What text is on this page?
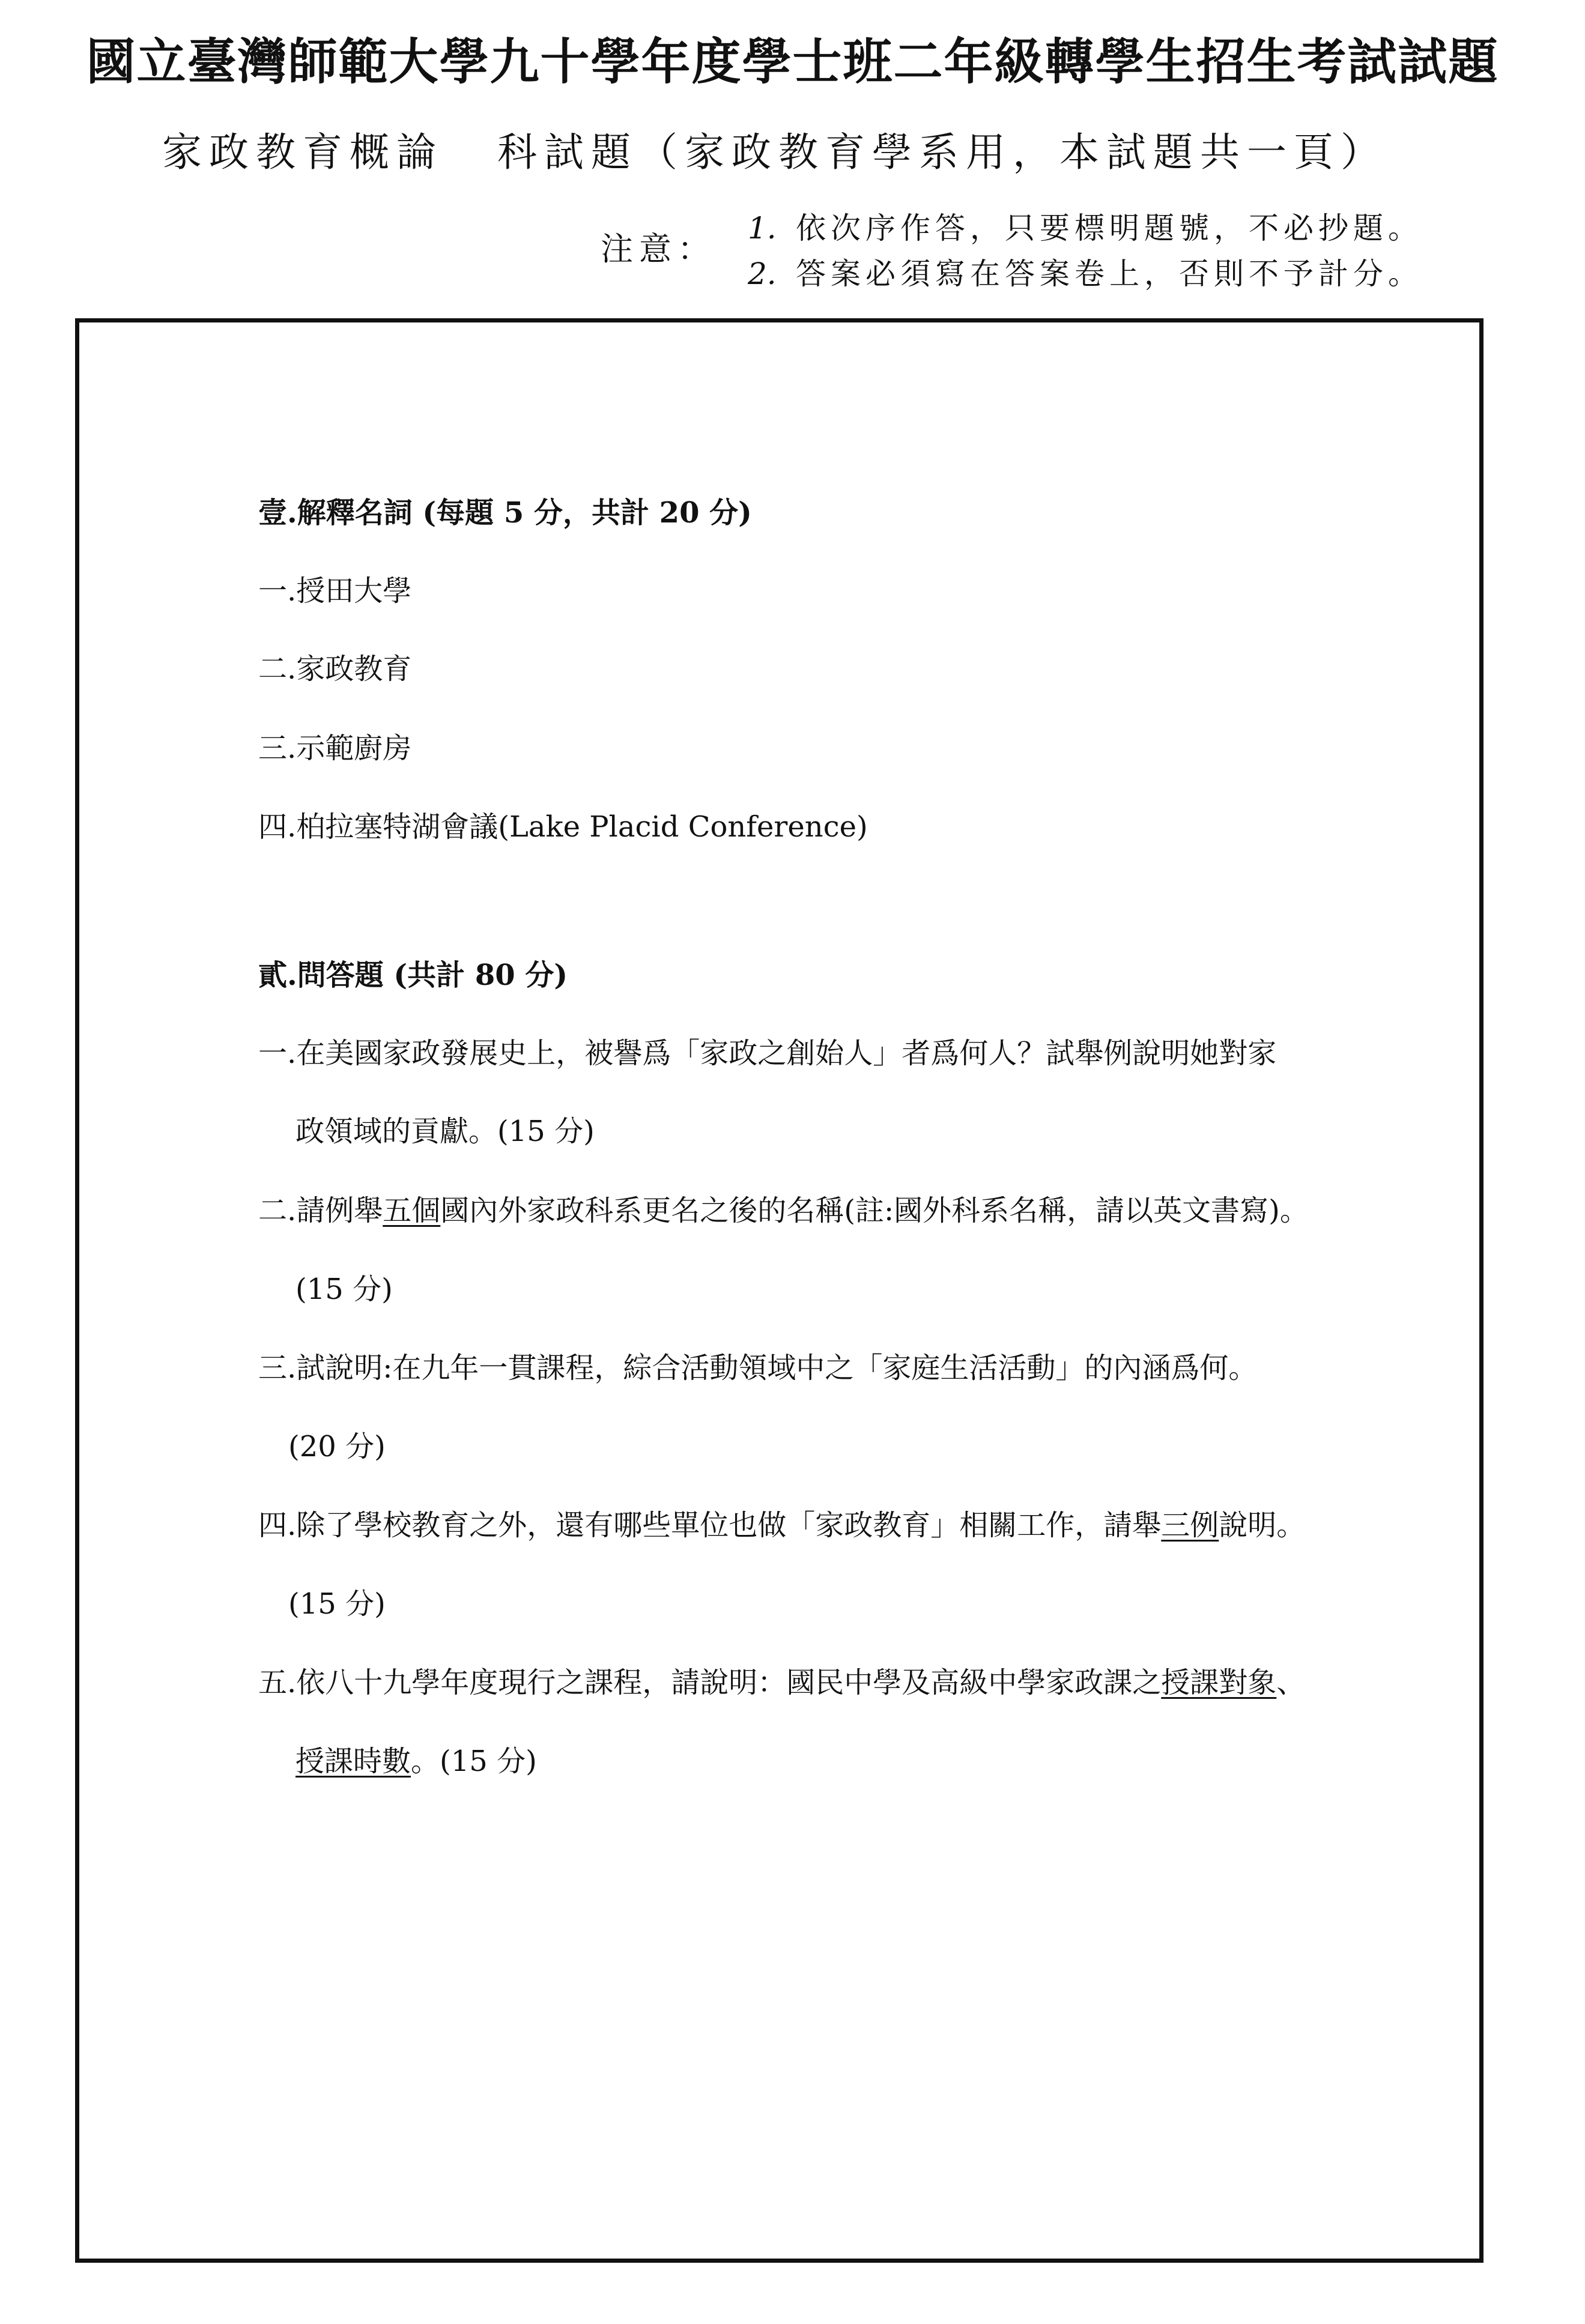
國立臺灣師範大學九十學年度學士班二年級轉學生招生考試試題
家政教育概論 科試題（家政教育學系用，本試題共一頁）
注意：
1. 依次序作答，只要標明題號，不必抄題。
2. 答案必須寫在答案卷上，否則不予計分。
壹.解釋名詞 (每題 5 分，共計 20 分)
一.授田大學
二.家政教育
三.示範廚房
四.柏拉塞特湖會議(Lake Placid Conference)
貳.問答題 (共計 80 分)
一.在美國家政發展史上，被譽爲「家政之創始人」者爲何人？試舉例說明她對家
政領域的貢獻。(15 分)
二.請例舉五個國內外家政科系更名之後的名稱(註:國外科系名稱，請以英文書寫)。
(15 分)
三.試說明:在九年一貫課程，綜合活動領域中之「家庭生活活動」的內涵爲何。
(20 分)
四.除了學校教育之外，還有哪些單位也做「家政教育」相關工作，請舉三例說明。
(15 分)
五.依八十九學年度現行之課程，請說明：國民中學及高級中學家政課之授課對象、
授課時數。(15 分)
